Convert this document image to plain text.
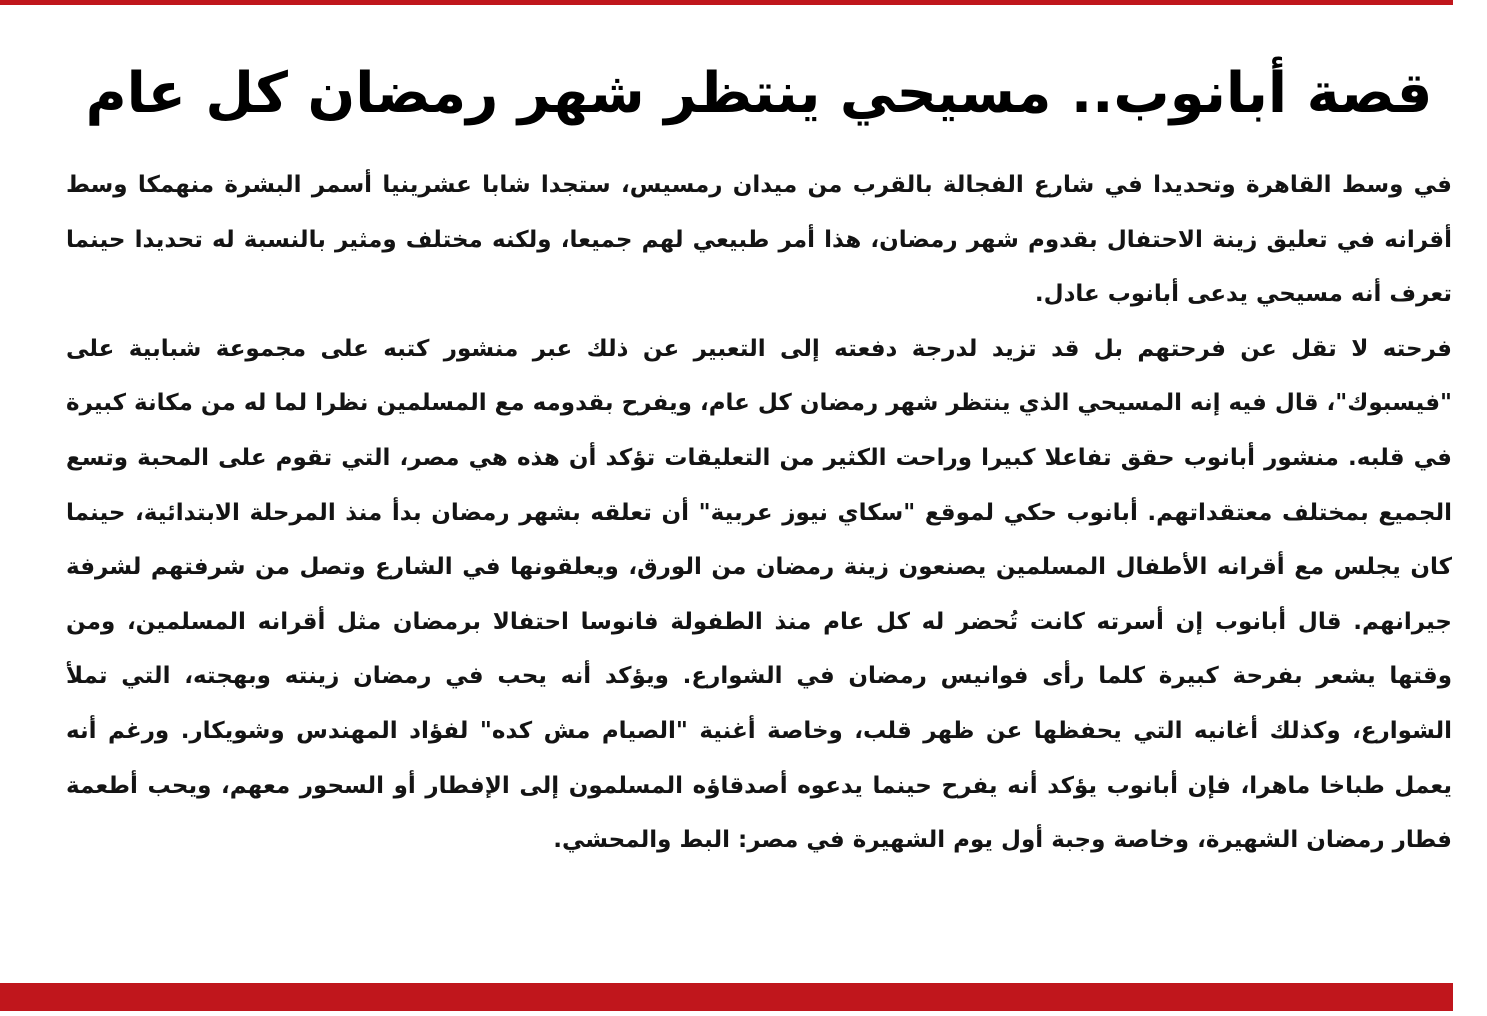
قصة أبانوب.. مسيحي ينتظر شهر رمضان كل عام

في وسط القاهرة وتحديدا في شارع الفجالة بالقرب من ميدان رمسيس، ستجدا شابا عشرينيا أسمر البشرة منهمكا وسط أقرانه في تعليق زينة الاحتفال بقدوم شهر رمضان، هذا أمر طبيعي لهم جميعا، ولكنه مختلف ومثير بالنسبة له تحديدا حينما تعرف أنه مسيحي يدعى أبانوب عادل.

فرحته لا تقل عن فرحتهم بل قد تزيد لدرجة دفعته إلى التعبير عن ذلك عبر منشور كتبه على مجموعة شبابية على "فيسبوك"، قال فيه إنه المسيحي الذي ينتظر شهر رمضان كل عام، ويفرح بقدومه مع المسلمين نظرا لما له من مكانة كبيرة في قلبه. منشور أبانوب حقق تفاعلا كبيرا وراحت الكثير من التعليقات تؤكد أن هذه هي مصر، التي تقوم على المحبة وتسع الجميع بمختلف معتقداتهم. أبانوب حكي لموقع "سكاي نيوز عربية" أن تعلقه بشهر رمضان بدأ منذ المرحلة الابتدائية، حينما كان يجلس مع أقرانه الأطفال المسلمين يصنعون زينة رمضان من الورق، ويعلقونها في الشارع وتصل من شرفتهم لشرفة جيرانهم. قال أبانوب إن أسرته كانت تُحضر له كل عام منذ الطفولة فانوسا احتفالا برمضان مثل أقرانه المسلمين، ومن وقتها يشعر بفرحة كبيرة كلما رأى فوانيس رمضان في الشوارع. ويؤكد أنه يحب في رمضان زينته وبهجته، التي تملأ الشوارع، وكذلك أغانيه التي يحفظها عن ظهر قلب، وخاصة أغنية "الصيام مش كده" لفؤاد المهندس وشويكار. ورغم أنه يعمل طباخا ماهرا، فإن أبانوب يؤكد أنه يفرح حينما يدعوه أصدقاؤه المسلمون إلى الإفطار أو السحور معهم، ويحب أطعمة فطار رمضان الشهيرة، وخاصة وجبة أول يوم الشهيرة في مصر: البط والمحشي.
